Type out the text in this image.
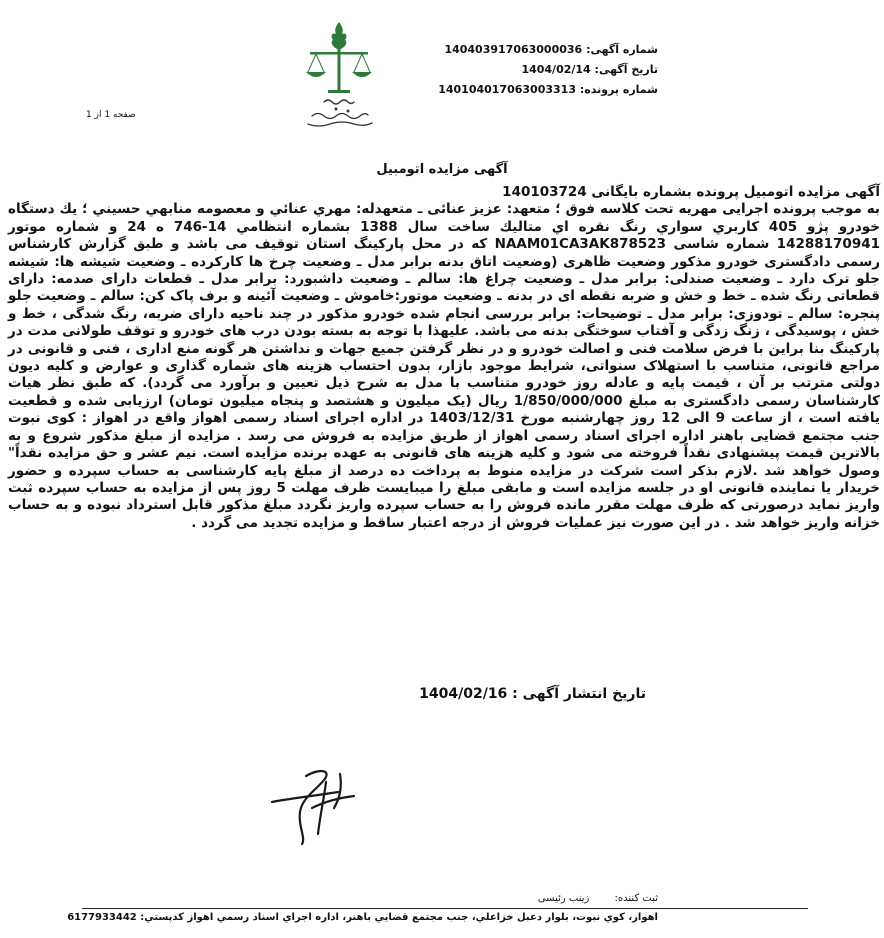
شماره آگهی: 140403917063000036
تاریخ آگهی: 1404/02/14
شماره پرونده: 140104017063003313
صفحه 1 از 1
آگهی مزایده اتومبیل
آگهی مزایده اتومبیل پرونده بشماره بایگانی 140103724
به موجب پرونده اجرایی مهریه تحت کلاسه فوق ؛ متعهد: عزیز عنائی ـ متعهدله: مهري عنائي و معصومه منابهي حسيني ؛ يك دستگاه خودرو پژو 405 كاربري سواري رنگ نقره اي متاليك ساخت سال 1388 بشماره انتظامي 14-746 ه 24 و شماره موتور 14288170941 شماره شاسی NAAM01CA3AK878523 كه در محل پاركينگ استان توقيف می باشد و طبق گزارش کارشناس رسمی دادگستری خودرو مذکور وضعیت ظاهری (وضعیت اتاق بدنه برابر مدل ـ وضعیت چرخ ها کارکرده ـ وضعیت شیشه ها: شیشه جلو ترک دارد ـ وضعیت صندلی: برابر مدل ـ وضعیت چراغ ها: سالم ـ وضعیت داشبورد: برابر مدل ـ قطعات دارای صدمه: دارای قطعاتی رنگ شده ـ خط و خش و ضربه نقطه ای در بدنه ـ وضعیت موتور:خاموش ـ وضعیت آئینه و برف پاک کن: سالم ـ وضعیت جلو پنجره: سالم ـ تودوزی: برابر مدل ـ توضیحات: برابر بررسی انجام شده خودرو مذکور در چند ناحیه دارای ضربه، رنگ شدگی ، خط و خش ، پوسیدگی ، زنگ زدگی و آفتاب سوختگی بدنه می باشد. علیهذا با توجه به بسته بودن درب های خودرو و توقف طولانی مدت در پارکینگ بنا براین با فرض سلامت فنی و اصالت خودرو و در نظر گرفتن جمیع جهات و نداشتن هر گونه منع اداری ، فنی و قانونی در مراجع قانونی، متناسب با استهلاک سنواتی، شرایط موجود بازار، بدون احتساب هزینه های شماره گذاری و عوارض و کلیه دیون دولتی مترتب بر آن ، قیمت پایه و عادله روز خودرو متناسب با مدل به شرح ذیل تعیین و برآورد می گردد). که طبق نظر هیات کارشناسان رسمی دادگستری به مبلغ 1/850/000/000 ریال (یک میلیون و هشتصد و پنجاه میلیون تومان) ارزیابی شده و قطعیت یافته است ، از ساعت 9 الی 12 روز چهارشنبه مورخ 1403/12/31 در اداره اجرای اسناد رسمی اهواز واقع در اهواز : کوی نبوت جنب مجتمع قضایی باهنر اداره اجرای اسناد رسمی اهواز از طریق مزایده به فروش می رسد . مزایده از مبلغ مذکور شروع و به بالاترین قیمت پیشنهادی نقداً فروخته می شود و کلیه هزینه های قانونی به عهده برنده مزایده است. نیم عشر و حق مزایده نقداً" وصول خواهد شد .لازم بذکر است شرکت در مزایده منوط به پرداخت ده درصد از مبلغ پایه کارشناسی به حساب سپرده و حضور خریدار یا نماینده قانونی او در جلسه مزایده است و مابقی مبلغ را میبایست ظرف مهلت 5 روز پس از مزایده به حساب سپرده ثبت واریز نماید درصورتی که ظرف مهلت مقرر مانده فروش را به حساب سپرده واریز نگردد مبلغ مذکور قابل استرداد نبوده و به حساب خزانه واریز خواهد شد . در این صورت نیز عملیات فروش از درجه اعتبار ساقط و مزایده تجدید می گردد .
تاریخ انتشار آگهی : 1404/02/16
ثبت کننده: زینب رئیسی
اهواز، کوي نبوت، بلوار دعبل خزاعلي، جنب مجتمع قضايي باهنر، اداره اجراي اسناد رسمي اهواز کدپستي: 6177933442
